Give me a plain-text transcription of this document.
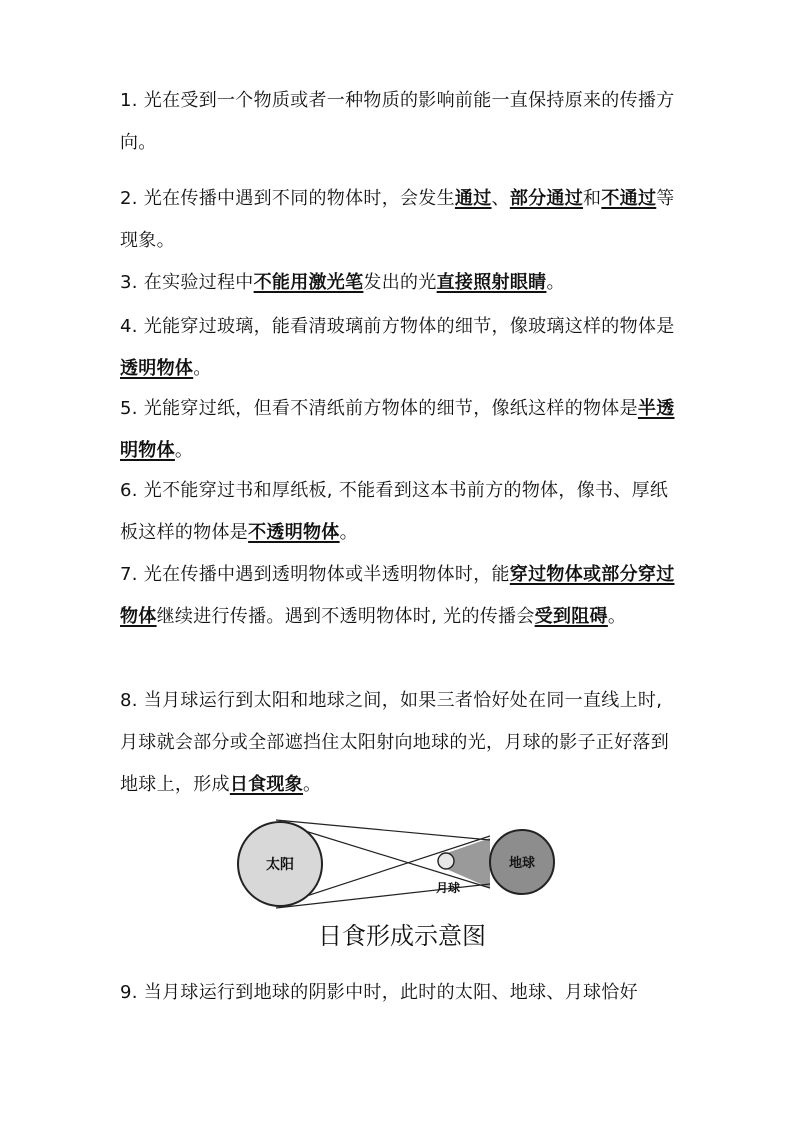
1. 光在受到一个物质或者一种物质的影响前能一直保持原来的传播方向。

2. 光在传播中遇到不同的物体时，会发生通过、部分通过和不通过等现象。

3. 在实验过程中不能用激光笔发出的光直接照射眼睛。

4. 光能穿过玻璃，能看清玻璃前方物体的细节，像玻璃这样的物体是透明物体。

5. 光能穿过纸，但看不清纸前方物体的细节，像纸这样的物体是半透明物体。

6. 光不能穿过书和厚纸板, 不能看到这本书前方的物体，像书、厚纸板这样的物体是不透明物体。

7. 光在传播中遇到透明物体或半透明物体时，能穿过物体或部分穿过物体继续进行传播。遇到不透明物体时, 光的传播会受到阻碍。

8. 当月球运行到太阳和地球之间，如果三者恰好处在同一直线上时, 月球就会部分或全部遮挡住太阳射向地球的光，月球的影子正好落到地球上，形成日食现象。

太阳
月球
地球
日食形成示意图

9. 当月球运行到地球的阴影中时，此时的太阳、地球、月球恰好
